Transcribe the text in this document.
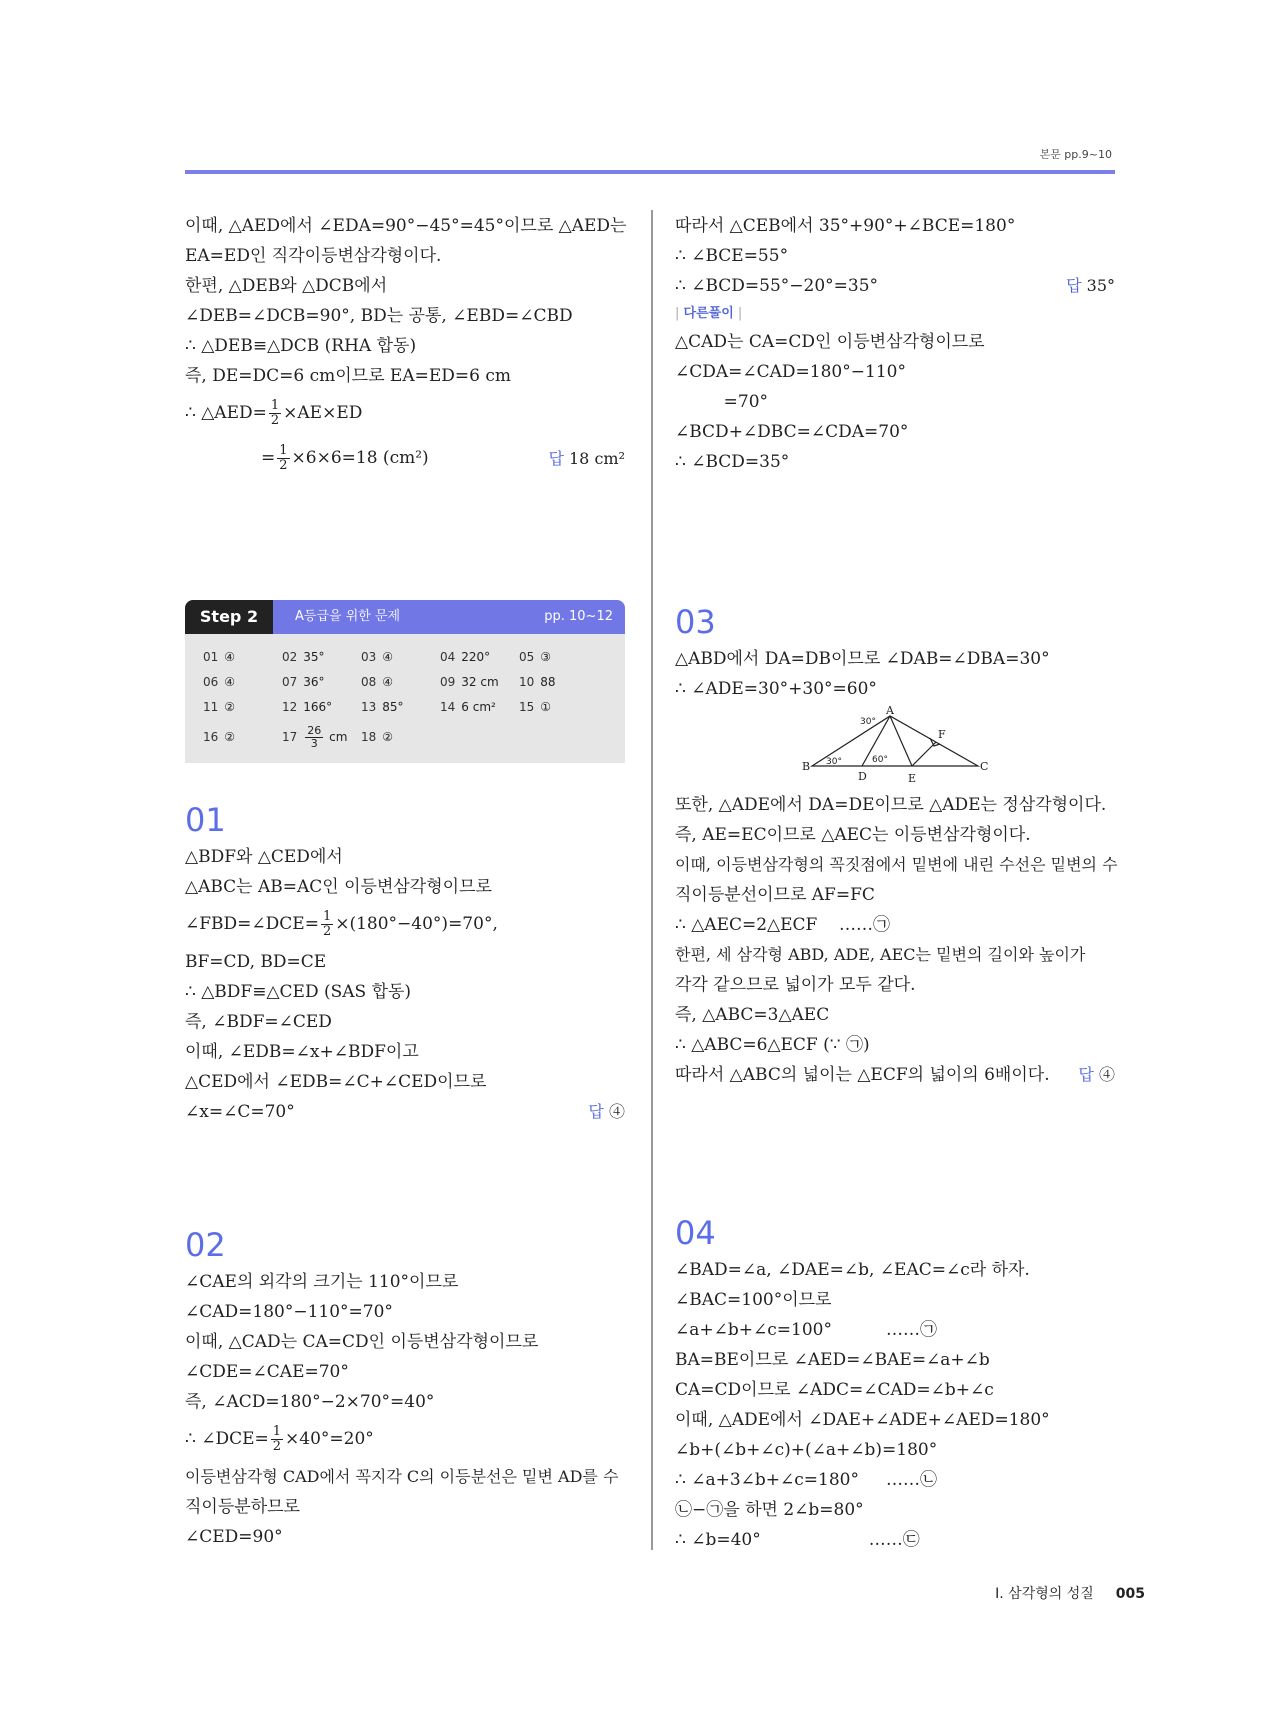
본문 pp.9~10
이때, △AED에서 ∠EDA=90°−45°=45°이므로 △AED는
EA=ED인 직각이등변삼각형이다.
한편, △DEB와 △DCB에서
∠DEB=∠DCB=90°, BD는 공통, ∠EBD=∠CBD
∴ △DEB≡△DCB (RHA 합동)
즉, DE=DC=6 cm이므로 EA=ED=6 cm
∴ △AED= $\frac{1}{2} \times AE\times ED$
= $\frac{1}{2} \times 6\times 6=18$ (cm²)	답 18 cm²
따라서 △CEB에서 35°+90°+∠BCE=180°
∴ ∠BCE=55°
∴ ∠BCD=55°−20°=35°	답 35°
| 다른풀이 |
△CAD는 CA=CD인 이등변삼각형이므로
∠CDA=∠CAD=180°−110°
=70°
∠BCD+∠DBC=∠CDA=70°
∴ ∠BCD=35°
A등급을 위한 문제	pp. 10~12
Step 2
01 ④	02 35°	03 ④	04 220°	05 ③
06 ④	07 36°	08 ④	09 32 cm	10 88
11 ②	12 166°	13 85°	14 6 cm²	15 ①
16 ②	$17 \frac{26}{3}$ cm	18 ②
01
△BDF와 △CED에서
△ABC는 AB=AC인 이등변삼각형이므로
∠FBD=∠DCE= $\frac{1}{2} \times(180^\circ-40^\circ)=70^\circ$,
BF=CD, BD=CE
∴ △BDF≡△CED (SAS 합동)
즉, ∠BDF=∠CED
이때, ∠EDB=∠x+∠BDF이고
△CED에서 ∠EDB=∠C+∠CED이므로
∠x=∠C=70°	답 ④
02
∠CAE의 외각의 크기는 110°이므로
∠CAD=180°−110°=70°
이때, △CAD는 CA=CD인 이등변삼각형이므로
∠CDE=∠CAE=70°
즉, ∠ACD=180°−2×70°=40°
∴ ∠DCE= $\frac{1}{2} \times 40^\circ=20^\circ$
이등변삼각형 CAD에서 꼭지각 C의 이등분선은 밑변 AD를 수
직이등분하므로
∠CED=90°
03
△ABD에서 DA=DB이므로 ∠DAB=∠DBA=30°
∴ ∠ADE=30°+30°=60°
A
B	C
D	E
F
30°
30°	60°
또한, △ADE에서 DA=DE이므로 △ADE는 정삼각형이다.
즉, AE=EC이므로 △AEC는 이등변삼각형이다.
이때, 이등변삼각형의 꼭짓점에서 밑변에 내린 수선은 밑변의 수
직이등분선이므로 AF=FC
∴ △AEC=2△ECF    ……㉠
한편, 세 삼각형 ABD, ADE, AEC는 밑변의 길이와 높이가
각각 같으므로 넓이가 모두 같다.
즉, △ABC=3△AEC
∴ △ABC=6△ECF (∵ ㉠)
따라서 △ABC의 넓이는 △ECF의 넓이의 6배이다. 답 ④
04
∠BAD=∠a, ∠DAE=∠b, ∠EAC=∠c라 하자.
∠BAC=100°이므로
∠a+∠b+∠c=100°          ……㉠
BA=BE이므로 ∠AED=∠BAE=∠a+∠b
CA=CD이므로 ∠ADC=∠CAD=∠b+∠c
이때, △ADE에서 ∠DAE+∠ADE+∠AED=180°
∠b+(∠b+∠c)+(∠a+∠b)=180°
∴ ∠a+3∠b+∠c=180°     ……㉡
㉡−㉠을 하면 2∠b=80°
∴ ∠b=40°                    ……㉢
I. 삼각형의 성질 005
